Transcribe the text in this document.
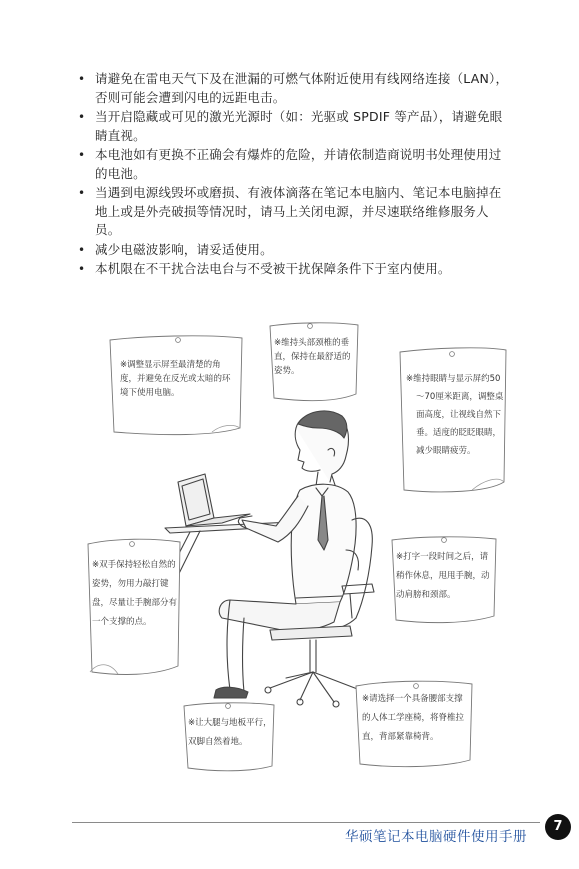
• 请避免在雷电天气下及在泄漏的可燃气体附近使用有线网络连接（LAN），否则可能会遭到闪电的远距电击。
• 当开启隐藏或可见的激光光源时（如：光驱或 SPDIF 等产品），请避免眼睛直视。
• 本电池如有更换不正确会有爆炸的危险，并请依制造商说明书处理使用过的电池。
• 当遇到电源线毁坏或磨损、有液体滴落在笔记本电脑内、笔记本电脑掉在地上或是外壳破损等情况时，请马上关闭电源，并尽速联络维修服务人员。
• 减少电磁波影响，请妥适使用。
• 本机限在不干扰合法电台与不受被干扰保障条件下于室内使用。
※调整显示屏至最清楚的角度，并避免在反光或太暗的环境下使用电脑。
※维持头部颈椎的垂直，保持在最舒适的姿势。
※维持眼睛与显示屏约50～70厘米距离，调整桌面高度，让视线自然下垂。适度的眨眨眼睛，减少眼睛疲劳。
※双手保持轻松自然的姿势，勿用力敲打键盘，尽量让手腕部分有一个支撑的点。
※打字一段时间之后，请稍作休息，甩甩手腕，动动肩膀和颈部。
※请选择一个具备腰部支撑的人体工学座椅，将脊椎拉直，背部紧靠椅背。
※让大腿与地板平行，双脚自然着地。
华硕笔记本电脑硬件使用手册
7
